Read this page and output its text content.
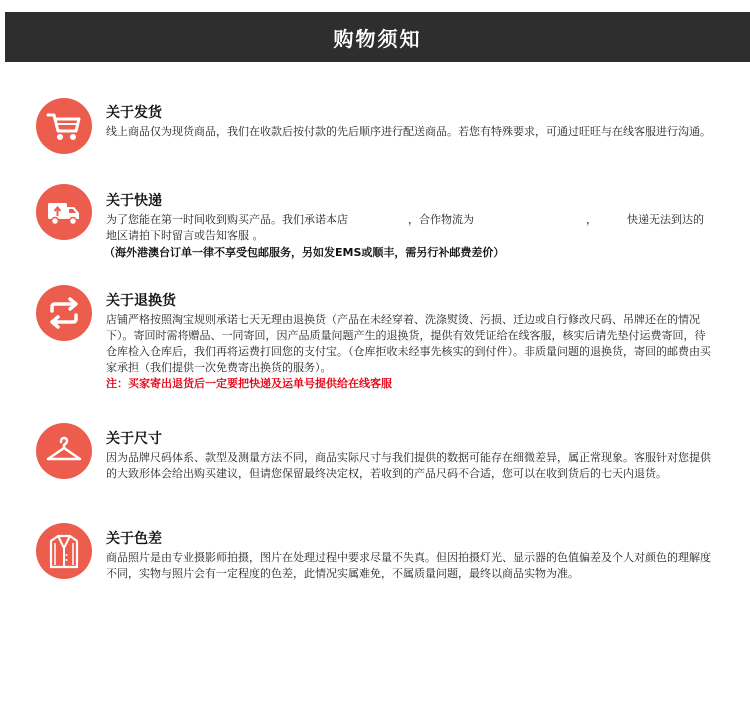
购物须知
关于发货
线上商品仅为现货商品，我们在收款后按付款的先后顺序进行配送商品。若您有特殊要求，可通过旺旺与在线客服进行沟通。
关于快递
为了您能在第一时间收到购买产品。我们承诺本店	，合作物流为	，	快递无法到达的
地区请拍下时留言或告知客服 。
（海外港澳台订单一律不享受包邮服务，另如发EMS或顺丰，需另行补邮费差价）
关于退换货
店铺严格按照淘宝规则承诺七天无理由退换货（产品在未经穿着、洗涤熨烫、污损、迁边或自行修改尺码、吊牌还在的情况下）。寄回时需将赠品、一同寄回，因产品质量问题产生的退换货，提供有效凭证给在线客服，核实后请先垫付运费寄回，待仓库检入仓库后，我们再将运费打回您的支付宝。（仓库拒收未经事先核实的到付件）。非质量问题的退换货，寄回的邮费由买家承担（我们提供一次免费寄出换货的服务）。
注：买家寄出退货后一定要把快递及运单号提供给在线客服
关于尺寸
因为品牌尺码体系、款型及测量方法不同，商品实际尺寸与我们提供的数据可能存在细微差异，属正常现象。客服针对您提供的大致形体会给出购买建议，但请您保留最终决定权，若收到的产品尺码不合适，您可以在收到货后的七天内退货。
关于色差
商品照片是由专业摄影师拍摄，图片在处理过程中要求尽量不失真。但因拍摄灯光、显示器的色值偏差及个人对颜色的理解度不同，实物与照片会有一定程度的色差，此情况实属难免，不属质量问题，最终以商品实物为准。
